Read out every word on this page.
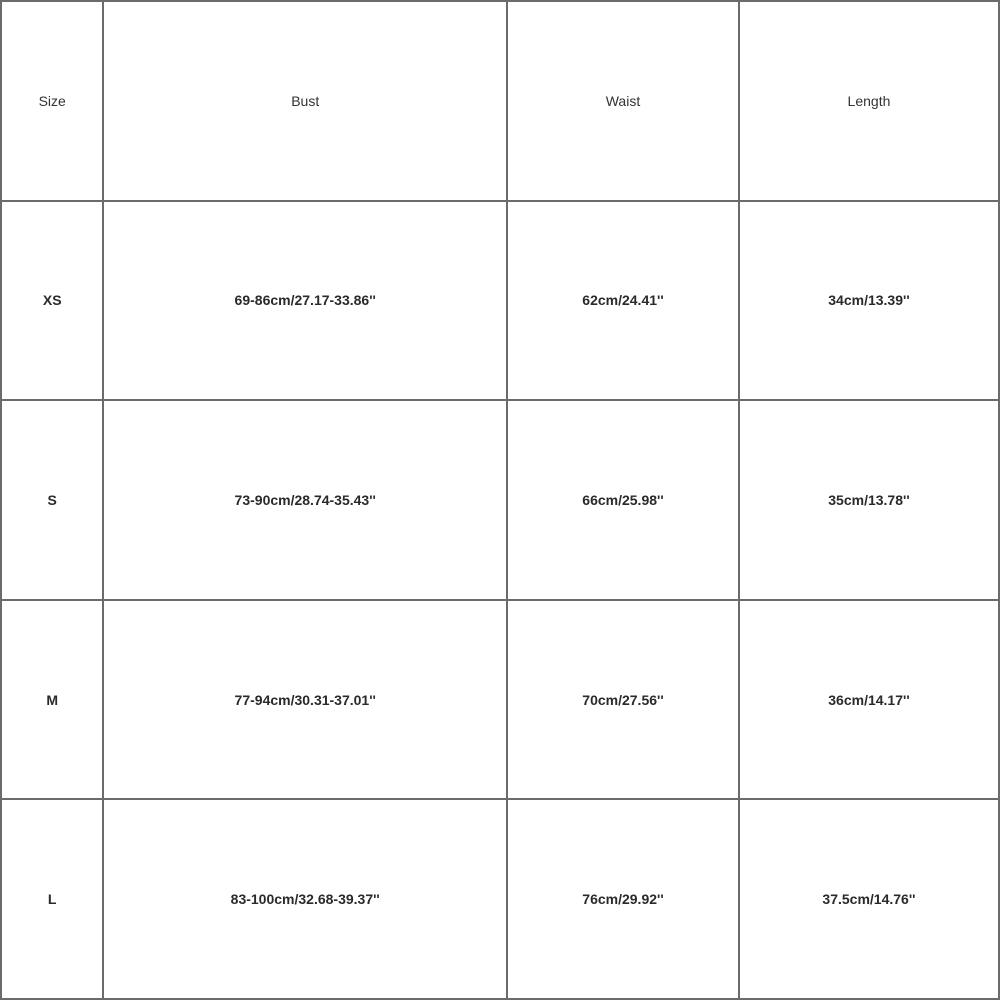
Size	Bust	Waist	Length
XS	69-86cm/27.17-33.86''	62cm/24.41''	34cm/13.39''
S	73-90cm/28.74-35.43''	66cm/25.98''	35cm/13.78''
M	77-94cm/30.31-37.01''	70cm/27.56''	36cm/14.17''
L	83-100cm/32.68-39.37''	76cm/29.92''	37.5cm/14.76''
